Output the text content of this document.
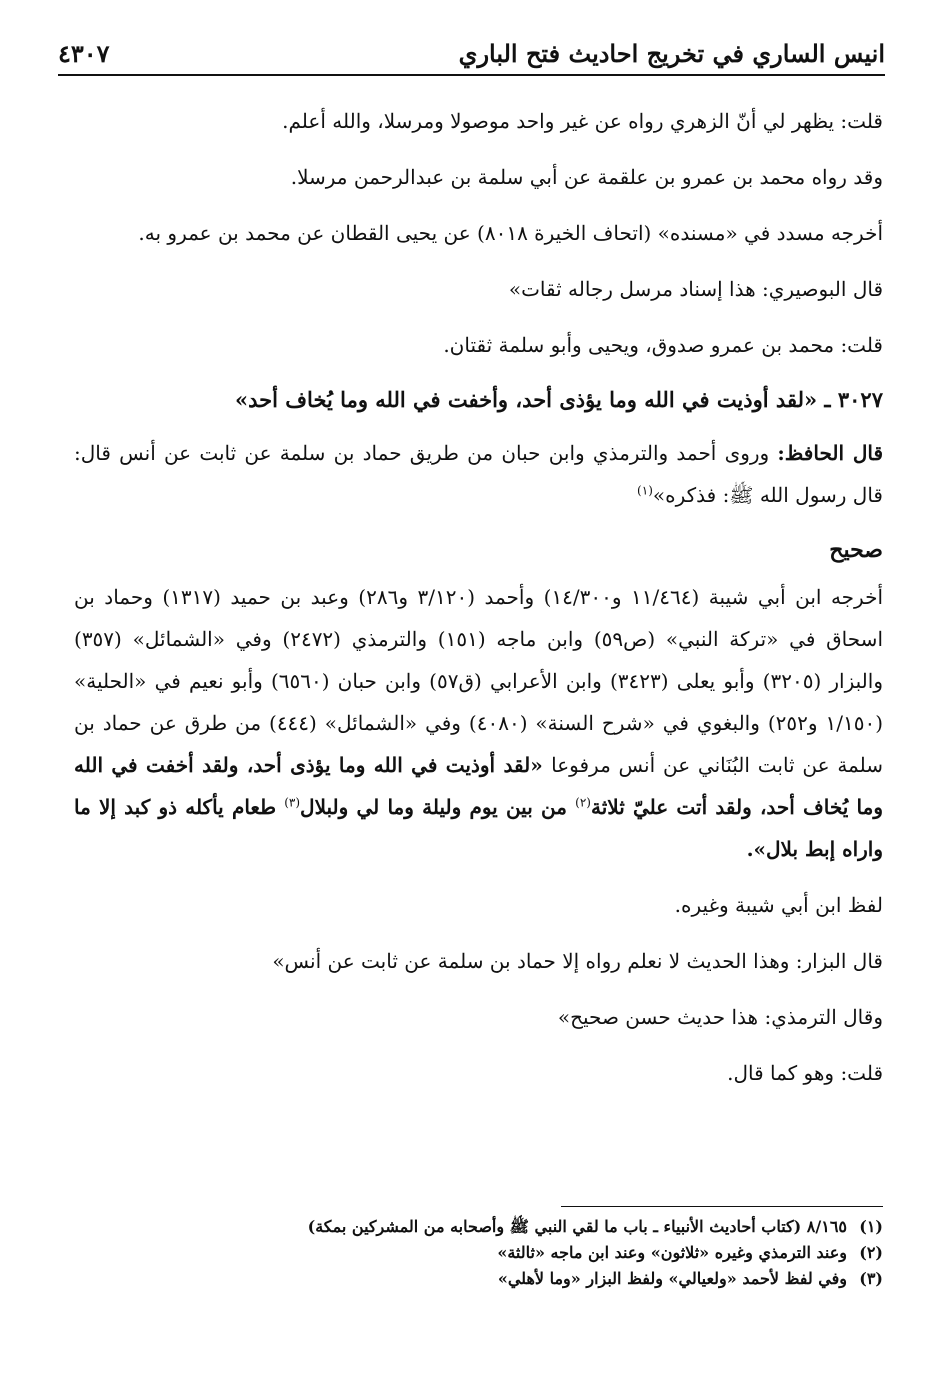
انيس الساري في تخريج احاديث فتح الباري
٤٣٠٧

قلت: يظهر لي أنّ الزهري رواه عن غير واحد موصولا ومرسلا، والله أعلم.

وقد رواه محمد بن عمرو بن علقمة عن أبي سلمة بن عبدالرحمن مرسلا.

أخرجه مسدد في «مسنده» (اتحاف الخيرة ٨٠١٨) عن يحيى القطان عن محمد بن عمرو به.

قال البوصيري: هذا إسناد مرسل رجاله ثقات»

قلت: محمد بن عمرو صدوق، ويحيى وأبو سلمة ثقتان.

٣٠٢٧ ـ «لقد أوذيت في الله وما يؤذى أحد، وأخفت في الله وما يُخاف أحد»

قال الحافظ: وروى أحمد والترمذي وابن حبان من طريق حماد بن سلمة عن ثابت عن أنس قال: قال رسول الله ﷺ: فذكره»$^{(١)}$

صحيح

أخرجه ابن أبي شيبة (١١/٤٦٤ و١٤/٣٠٠) وأحمد (٣/١٢٠ و٢٨٦) وعبد بن حميد (١٣١٧) وحماد بن اسحاق في «تركة النبي» (ص٥٩) وابن ماجه (١٥١) والترمذي (٢٤٧٢) وفي «الشمائل» (٣٥٧) والبزار (٣٢٠٥) وأبو يعلى (٣٤٢٣) وابن الأعرابي (ق٥٧) وابن حبان (٦٥٦٠) وأبو نعيم في «الحلية» (١/١٥٠ و٢٥٢) والبغوي في «شرح السنة» (٤٠٨٠) وفي «الشمائل» (٤٤٤) من طرق عن حماد بن سلمة عن ثابت البُنَاني عن أنس مرفوعا «لقد أوذيت في الله وما يؤذى أحد، ولقد أخفت في الله وما يُخاف أحد، ولقد أتت عليّ ثلاثة$^{(٢)}$ من بين يوم وليلة وما لي ولبلال$^{(٣)}$ طعام يأكله ذو كبد إلا ما واراه إبط بلال».

لفظ ابن أبي شيبة وغيره.

قال البزار: وهذا الحديث لا نعلم رواه إلا حماد بن سلمة عن ثابت عن أنس»

وقال الترمذي: هذا حديث حسن صحيح»

قلت: وهو كما قال.

(١)٨/١٦٥ (كتاب أحاديث الأنبياء ـ باب ما لقي النبي ﷺ وأصحابه من المشركين بمكة)
(٢)وعند الترمذي وغيره «ثلاثون» وعند ابن ماجه «ثالثة»
(٣)وفي لفظ لأحمد «ولعيالي» ولفظ البزار «وما لأهلي»
